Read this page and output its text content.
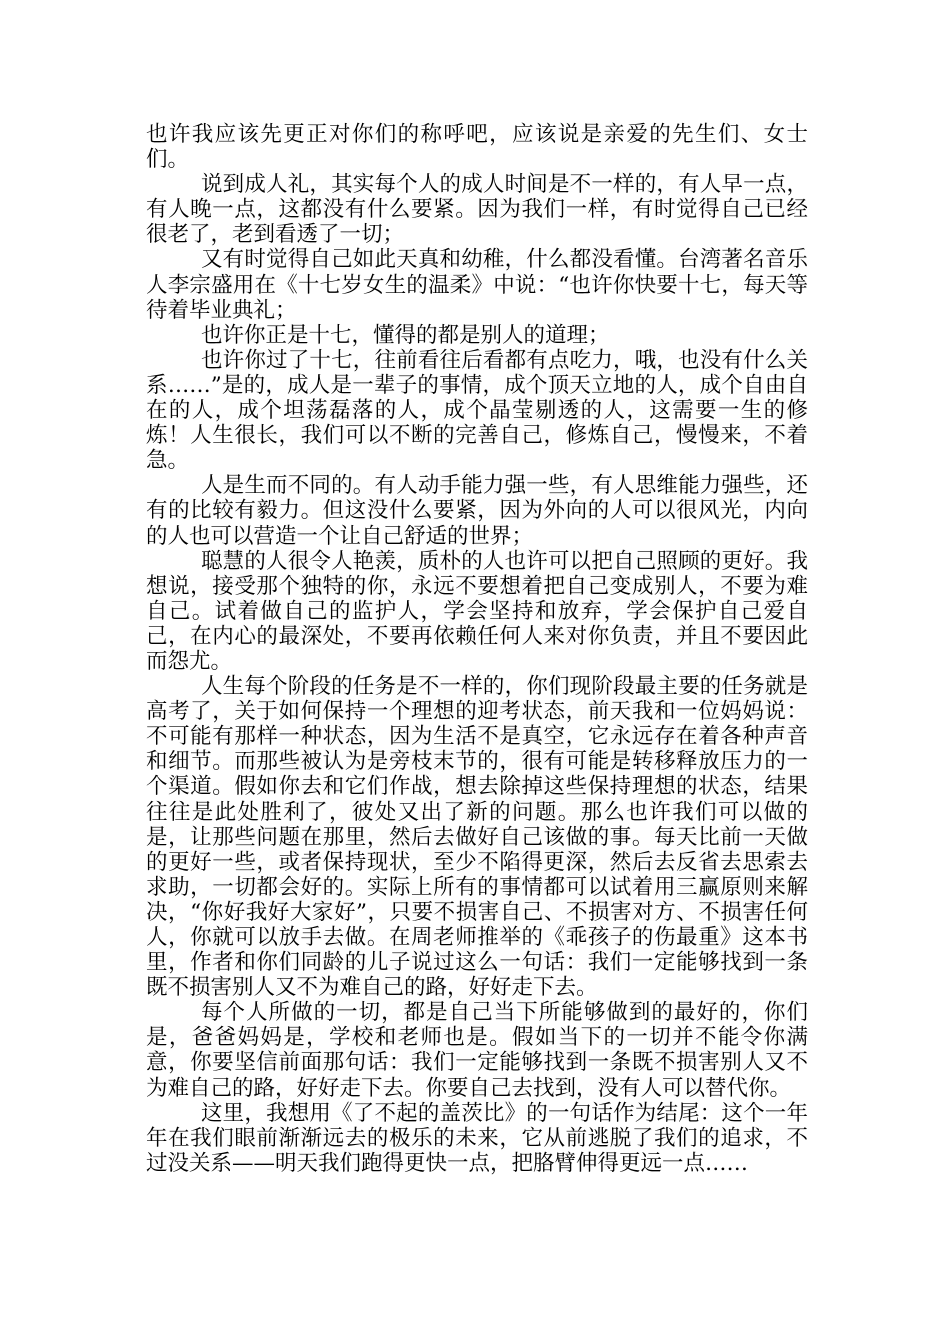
也许我应该先更正对你们的称呼吧，应该说是亲爱的先生们、女士们。

说到成人礼，其实每个人的成人时间是不一样的，有人早一点，有人晚一点，这都没有什么要紧。因为我们一样，有时觉得自己已经很老了，老到看透了一切；

又有时觉得自己如此天真和幼稚，什么都没看懂。台湾著名音乐人李宗盛用在《十七岁女生的温柔》中说：“也许你快要十七，每天等待着毕业典礼；

也许你正是十七，懂得的都是别人的道理；

也许你过了十七，往前看往后看都有点吃力，哦，也没有什么关系……”是的，成人是一辈子的事情，成个顶天立地的人，成个自由自在的人，成个坦荡磊落的人，成个晶莹剔透的人，这需要一生的修炼！人生很长，我们可以不断的完善自己，修炼自己，慢慢来，不着急。

人是生而不同的。有人动手能力强一些，有人思维能力强些，还有的比较有毅力。但这没什么要紧，因为外向的人可以很风光，内向的人也可以营造一个让自己舒适的世界；

聪慧的人很令人艳羡，质朴的人也许可以把自己照顾的更好。我想说，接受那个独特的你，永远不要想着把自己变成别人，不要为难自己。试着做自己的监护人，学会坚持和放弃，学会保护自己爱自己，在内心的最深处，不要再依赖任何人来对你负责，并且不要因此而怨尤。

人生每个阶段的任务是不一样的，你们现阶段最主要的任务就是高考了，关于如何保持一个理想的迎考状态，前天我和一位妈妈说：不可能有那样一种状态，因为生活不是真空，它永远存在着各种声音和细节。而那些被认为是旁枝末节的，很有可能是转移释放压力的一个渠道。假如你去和它们作战，想去除掉这些保持理想的状态，结果往往是此处胜利了，彼处又出了新的问题。那么也许我们可以做的是，让那些问题在那里，然后去做好自己该做的事。每天比前一天做的更好一些，或者保持现状，至少不陷得更深，然后去反省去思索去求助，一切都会好的。实际上所有的事情都可以试着用三赢原则来解决，“你好我好大家好”，只要不损害自己、不损害对方、不损害任何人，你就可以放手去做。在周老师推举的《乖孩子的伤最重》这本书里，作者和你们同龄的儿子说过这么一句话：我们一定能够找到一条既不损害别人又不为难自己的路，好好走下去。

每个人所做的一切，都是自己当下所能够做到的最好的，你们是，爸爸妈妈是，学校和老师也是。假如当下的一切并不能令你满意，你要坚信前面那句话：我们一定能够找到一条既不损害别人又不为难自己的路，好好走下去。你要自己去找到，没有人可以替代你。

这里，我想用《了不起的盖茨比》的一句话作为结尾：这个一年年在我们眼前渐渐远去的极乐的未来，它从前逃脱了我们的追求，不过没关系——明天我们跑得更快一点，把胳臂伸得更远一点……
